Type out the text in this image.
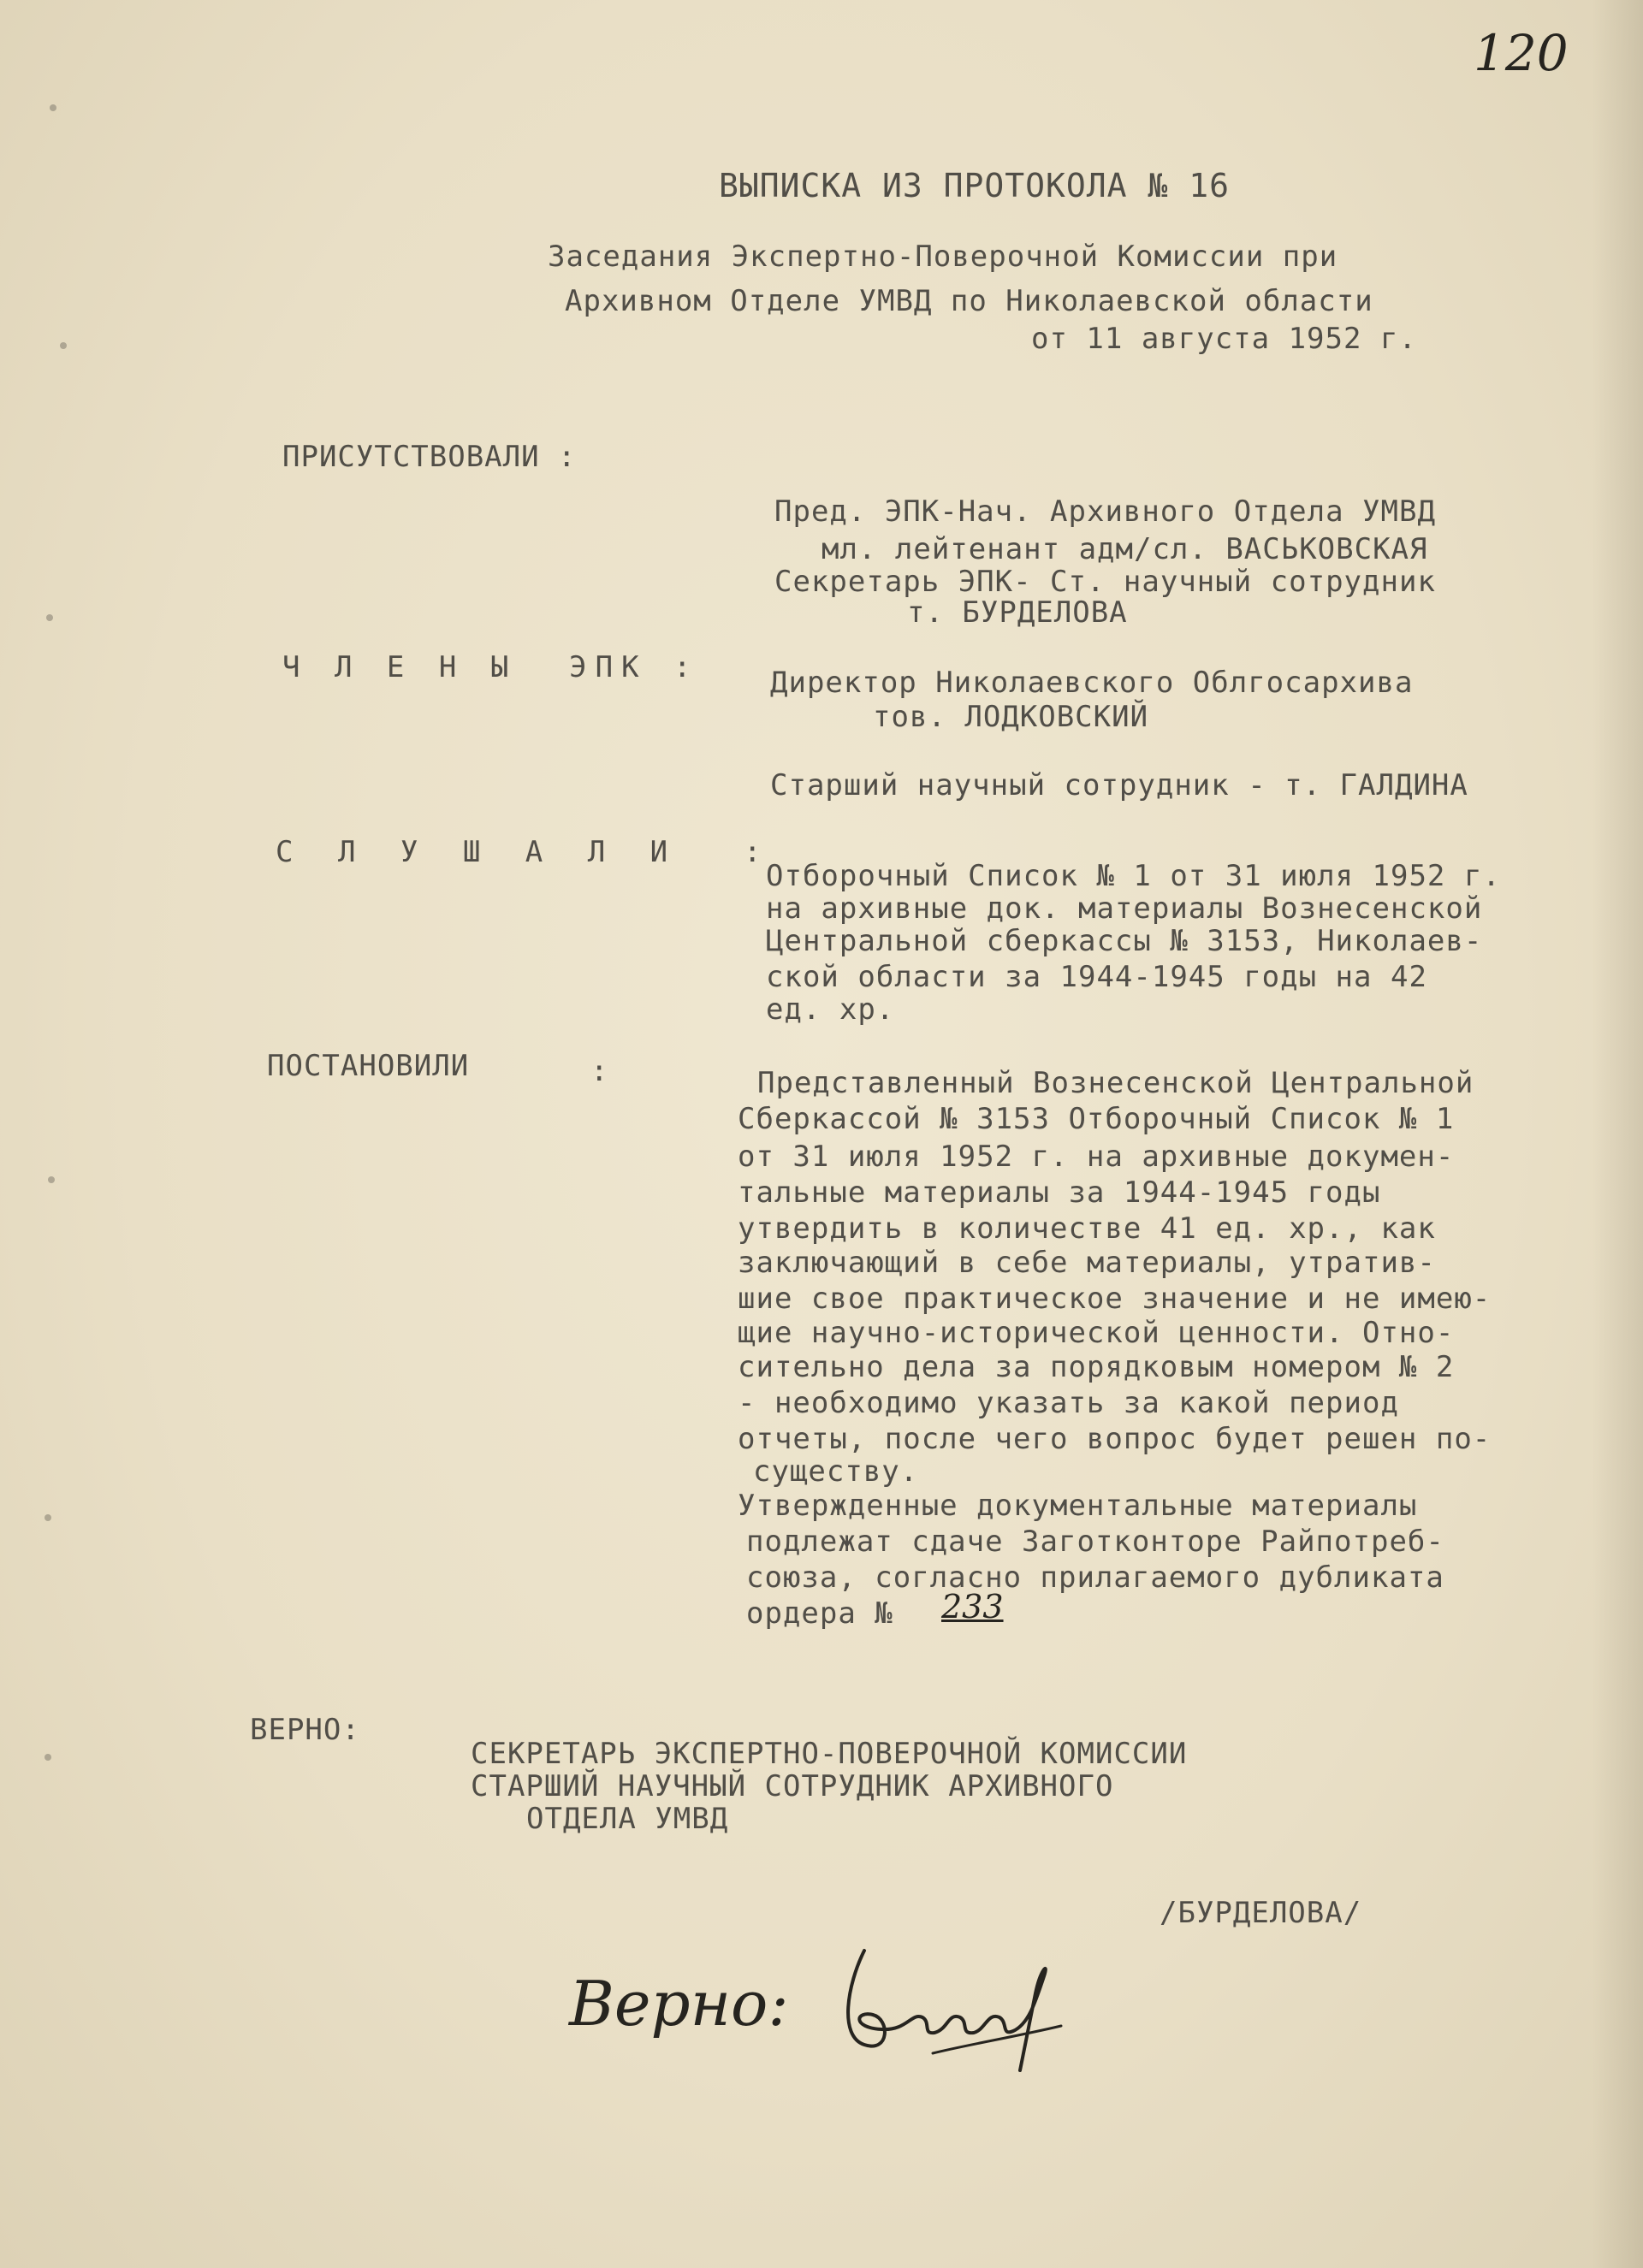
120
ВЫПИСКА ИЗ ПРОТОКОЛА № 16
Заседания Экспертно-Поверочной Комиссии при
Архивном Отделе УМВД по Николаевской области
от 11 августа 1952 г.
ПРИСУТСТВОВАЛИ :
Пред. ЭПК-Нач. Архивного Отдела УМВД
мл. лейтенант адм/сл. ВАСЬКОВСКАЯ
Секретарь ЭПК- Ст. научный сотрудник
т. БУРДЕЛОВА
Ч Л Е Н Ы  ЭПК : Директор Николаевского Облгосархива
тов. ЛОДКОВСКИЙ
Старший научный сотрудник - т. ГАЛДИНА
С Л У Ш А Л И  :
Отборочный Список № 1 от 31 июля 1952 г.
на архивные док. материалы Вознесенской
Центральной сберкассы № 3153, Николаев-
ской области за 1944-1945 годы на 42
ед. хр.
ПОСТАНОВИЛИ	:	Представленный Вознесенской Центральной
Сберкассой № 3153 Отборочный Список № 1
от 31 июля 1952 г. на архивные докумен-
тальные материалы за 1944-1945 годы
утвердить в количестве 41 ед. хр., как
заключающий в себе материалы, утратив-
шие свое практическое значение и не имею-
щие научно-исторической ценности. Отно-
сительно дела за порядковым номером № 2
- необходимо указать за какой период
отчеты, после чего вопрос будет решен по-
существу.
Утвержденные документальные материалы
подлежат сдаче Заготконторе Райпотреб-
союза, согласно прилагаемого дубликата
ордера № 233
ВЕРНО:
СЕКРЕТАРЬ ЭКСПЕРТНО-ПОВЕРОЧНОЙ КОМИССИИ
СТАРШИЙ НАУЧНЫЙ СОТРУДНИК АРХИВНОГО
ОТДЕЛА УМВД
/БУРДЕЛОВА/
Верно:
